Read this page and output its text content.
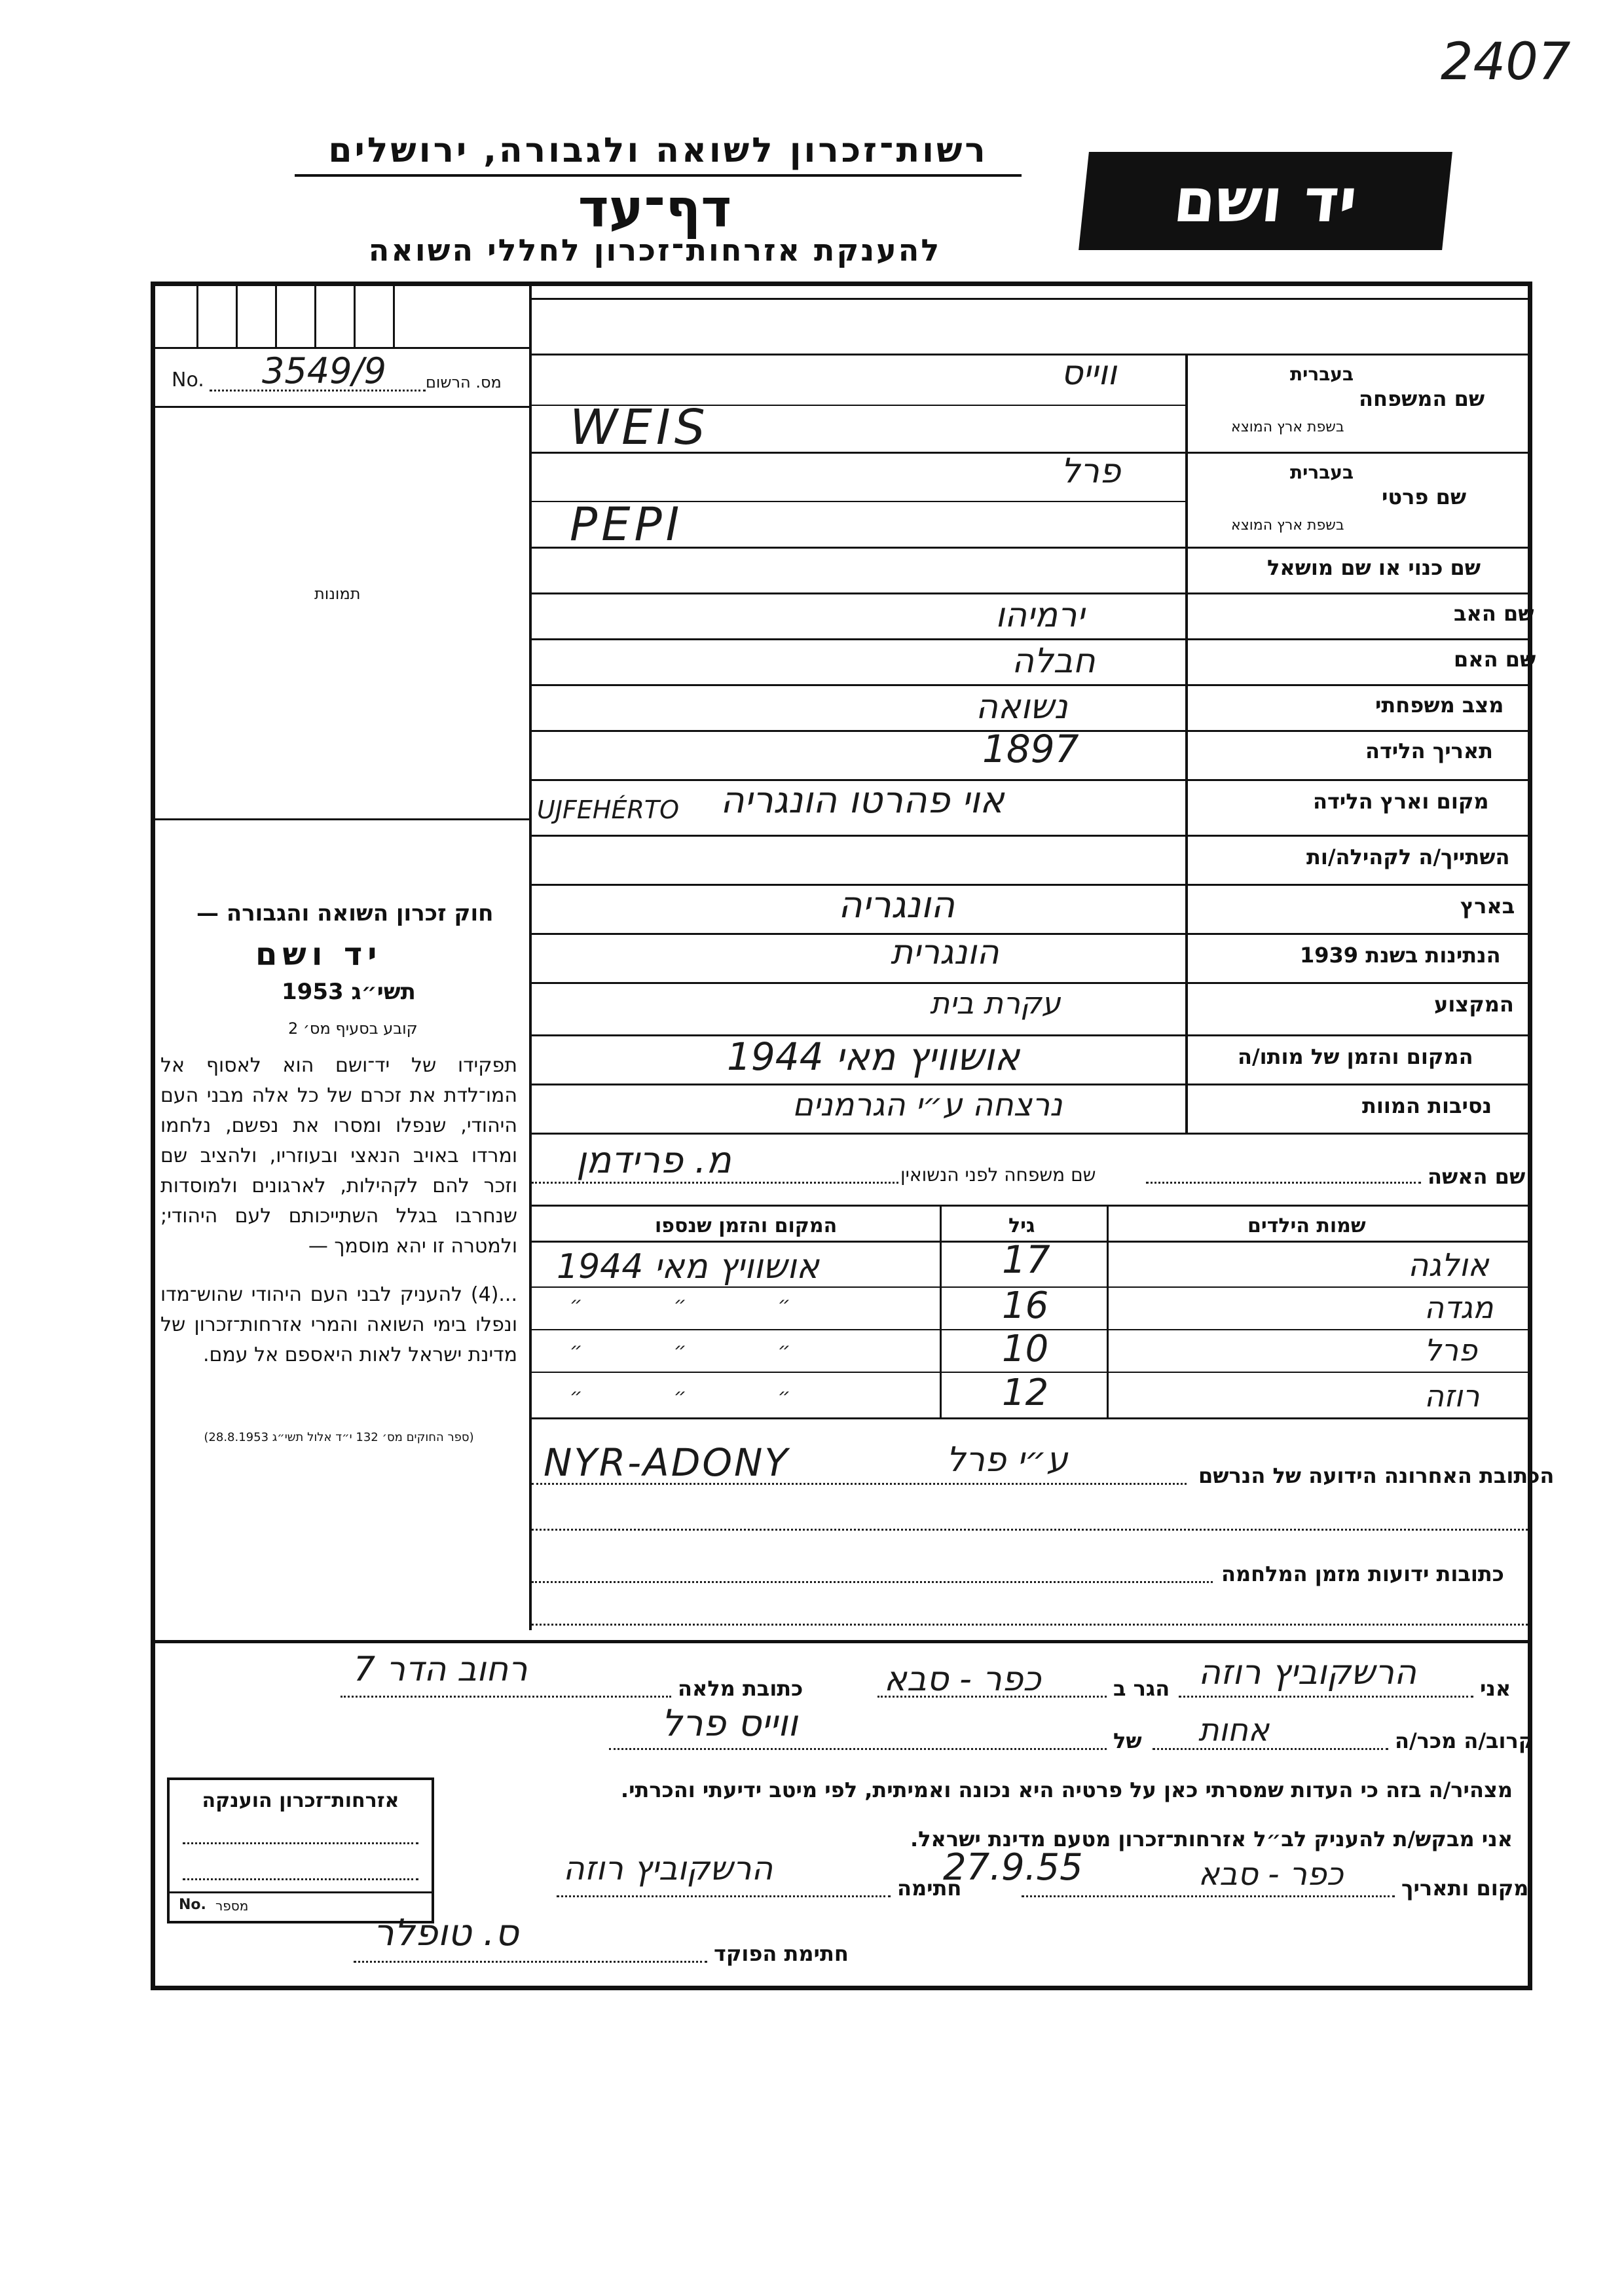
2407
רשות־זכרון לשואה ולגבורה, ירושלים
דף־עד
להענקת אזרחות־זכרון לחללי השואה
יד ושם
No. 3549/9	מס. הרשום
תמונות
חוק זכרון השואה והגבורה —
יד ושם
תשי״ג 1953
קובע בסעיף מס׳ 2
תפקידו של יד־ושם הוא לאסוף אל המו־לדת את זכרם של כל אלה מבני העם היהודי, שנפלו ומסרו את נפשם, נלחמו ומרדו באויב הנאצי ובעוזריו, ולהציב שם וזכר להם לקהילות, לארגונים ולמוסדות שנחרבו בגלל השתייכותם לעם היהודי; ולמטרה זו יהא מוסמך —
...(4) להעניק לבני העם היהודי שהוש־מדו ונפלו בימי השואה והמרי אזרחות־זכרון של מדינת ישראל לאות היאספם אל עמם.
(ספר החוקים מס׳ 132 י״ד אלול תשי״ג 28.8.1953)
שם המשפחה
בעברית
בשפת ארץ המוצא
ווייס
WEIS
שם פרטי
בעברית
בשפת ארץ המוצא
פרל
PEPI
שם כנוי או שם מושאל
שם האב
ירמיהו
שם האם
חבלה
מצב משפחתי
נשואה
תאריך הלידה
1897
מקום וארץ הלידה
אוי פהרטו הונגריה
UJFEHÉRTO
השתייך/ה לקהילה/ות
בארץ
הונגריה
הנתינות בשנת 1939
הונגרית
המקצוע
עקרת בית
המקום והזמן של מותו/ה
אושוויץ מאי 1944
נסיבות המוות
נרצחה ע״י הגרמנים
שם האשה
שם משפחה לפני הנשואין
מ. פרידמן
שמות הילדים
גיל
המקום והזמן שנספו
אולגה
17
אושוויץ מאי 1944
מגדה
16
״ ״ ״
פרל
10
״ ״ ״
רוזה
12
״ ״ ״
הכתובת האחרונה הידועה של הנרשם
NYR-ADONY	ע״י פרל
כתובות ידועות מזמן המלחמה
אני
הרשקוביץ רוזה
הגר ב
כפר - סבא
כתובת מלאה
רחוב הדר 7
קרוב/ה מכר/ה
אחות
של
ווייס פרל
מצהיר/ה בזה כי העדות שמסרתי כאן על פרטיה היא נכונה ואמיתית, לפי מיטב ידיעתי והכרתי.
אני מבקש/ת להעניק לב״ל אזרחות־זכרון מטעם מדינת ישראל.
מקום ותאריך
כפר - סבא
27.9.55
חתימה
הרשקוביץ רוזה
חתימת הפוקד
ס. טופלר
אזרחות־זכרון הוענקה
No. מספר
